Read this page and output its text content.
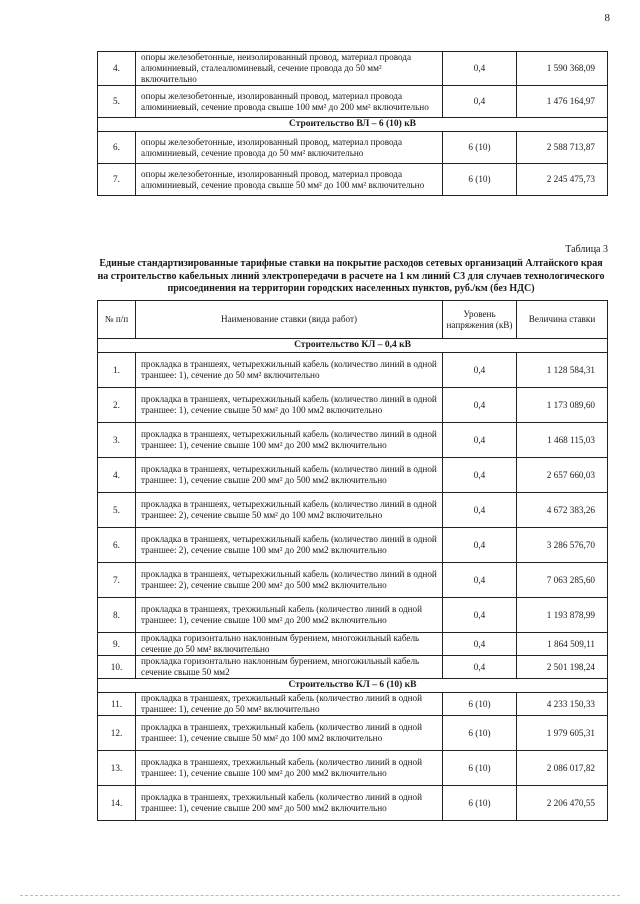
8
4.	опоры железобетонные, неизолированный провод, материал провода алюминиевый, сталеалюминевый, сечение провода до 50 мм² включительно	0,4	1 590 368,09
5.	опоры железобетонные, изолированный провод, материал провода алюминиевый, сечение провода свыше 100 мм² до 200 мм² включительно	0,4	1 476 164,97
Строительство ВЛ – 6 (10) кВ			
6.	опоры железобетонные, изолированный провод, материал провода алюминиевый, сечение провода до 50 мм² включительно	6 (10)	2 588 713,87
7.	опоры железобетонные, изолированный провод, материал провода алюминиевый, сечение провода свыше 50 мм² до 100 мм² включительно	6 (10)	2 245 475,73
Таблица 3
Единые стандартизированные тарифные ставки на покрытие расходов сетевых организаций Алтайского края на строительство кабельных линий электропередачи в расчете на 1 км линий С3 для случаев технологического присоединения на территории городских населенных пунктов, руб./км (без НДС)
№ п/п	Наименование ставки (вида работ)	Уровень напряжения (кВ)	Величина ставки
Строительство КЛ – 0,4 кВ			
1.	прокладка в траншеях, четырехжильный кабель (количество линий в одной траншее: 1), сечение до 50 мм² включительно	0,4	1 128 584,31
2.	прокладка в траншеях, четырехжильный кабель (количество линий в одной траншее: 1), сечение свыше 50 мм² до 100 мм2 включительно	0,4	1 173 089,60
3.	прокладка в траншеях, четырехжильный кабель (количество линий в одной траншее: 1), сечение свыше 100 мм² до 200 мм2 включительно	0,4	1 468 115,03
4.	прокладка в траншеях, четырехжильный кабель (количество линий в одной траншее: 1), сечение свыше 200 мм² до 500 мм2 включительно	0,4	2 657 660,03
5.	прокладка в траншеях, четырехжильный кабель (количество линий в одной траншее: 2), сечение свыше 50 мм² до 100 мм2 включительно	0,4	4 672 383,26
6.	прокладка в траншеях, четырехжильный кабель (количество линий в одной траншее: 2), сечение свыше 100 мм² до 200 мм2 включительно	0,4	3 286 576,70
7.	прокладка в траншеях, четырехжильный кабель (количество линий в одной траншее: 2), сечение свыше 200 мм² до 500 мм2 включительно	0,4	7 063 285,60
8.	прокладка в траншеях, трехжильный кабель (количество линий в одной траншее: 1), сечение свыше 100 мм² до 200 мм2 включительно	0,4	1 193 878,99
9.	прокладка горизонтально наклонным бурением, многожильный кабель сечение до 50 мм² включительно	0,4	1 864 509,11
10.	прокладка горизонтально наклонным бурением, многожильный кабель сечение свыше 50 мм2	0,4	2 501 198,24
Строительство КЛ – 6 (10) кВ			
11.	прокладка в траншеях, трехжильный кабель (количество линий в одной траншее: 1), сечение до 50 мм² включительно	6 (10)	4 233 150,33
12.	прокладка в траншеях, трехжильный кабель (количество линий в одной траншее: 1), сечение свыше 50 мм² до 100 мм2 включительно	6 (10)	1 979 605,31
13.	прокладка в траншеях, трехжильный кабель (количество линий в одной траншее: 1), сечение свыше 100 мм² до 200 мм2 включительно	6 (10)	2 086 017,82
14.	прокладка в траншеях, трехжильный кабель (количество линий в одной траншее: 1), сечение свыше 200 мм² до 500 мм2 включительно	6 (10)	2 206 470,55
